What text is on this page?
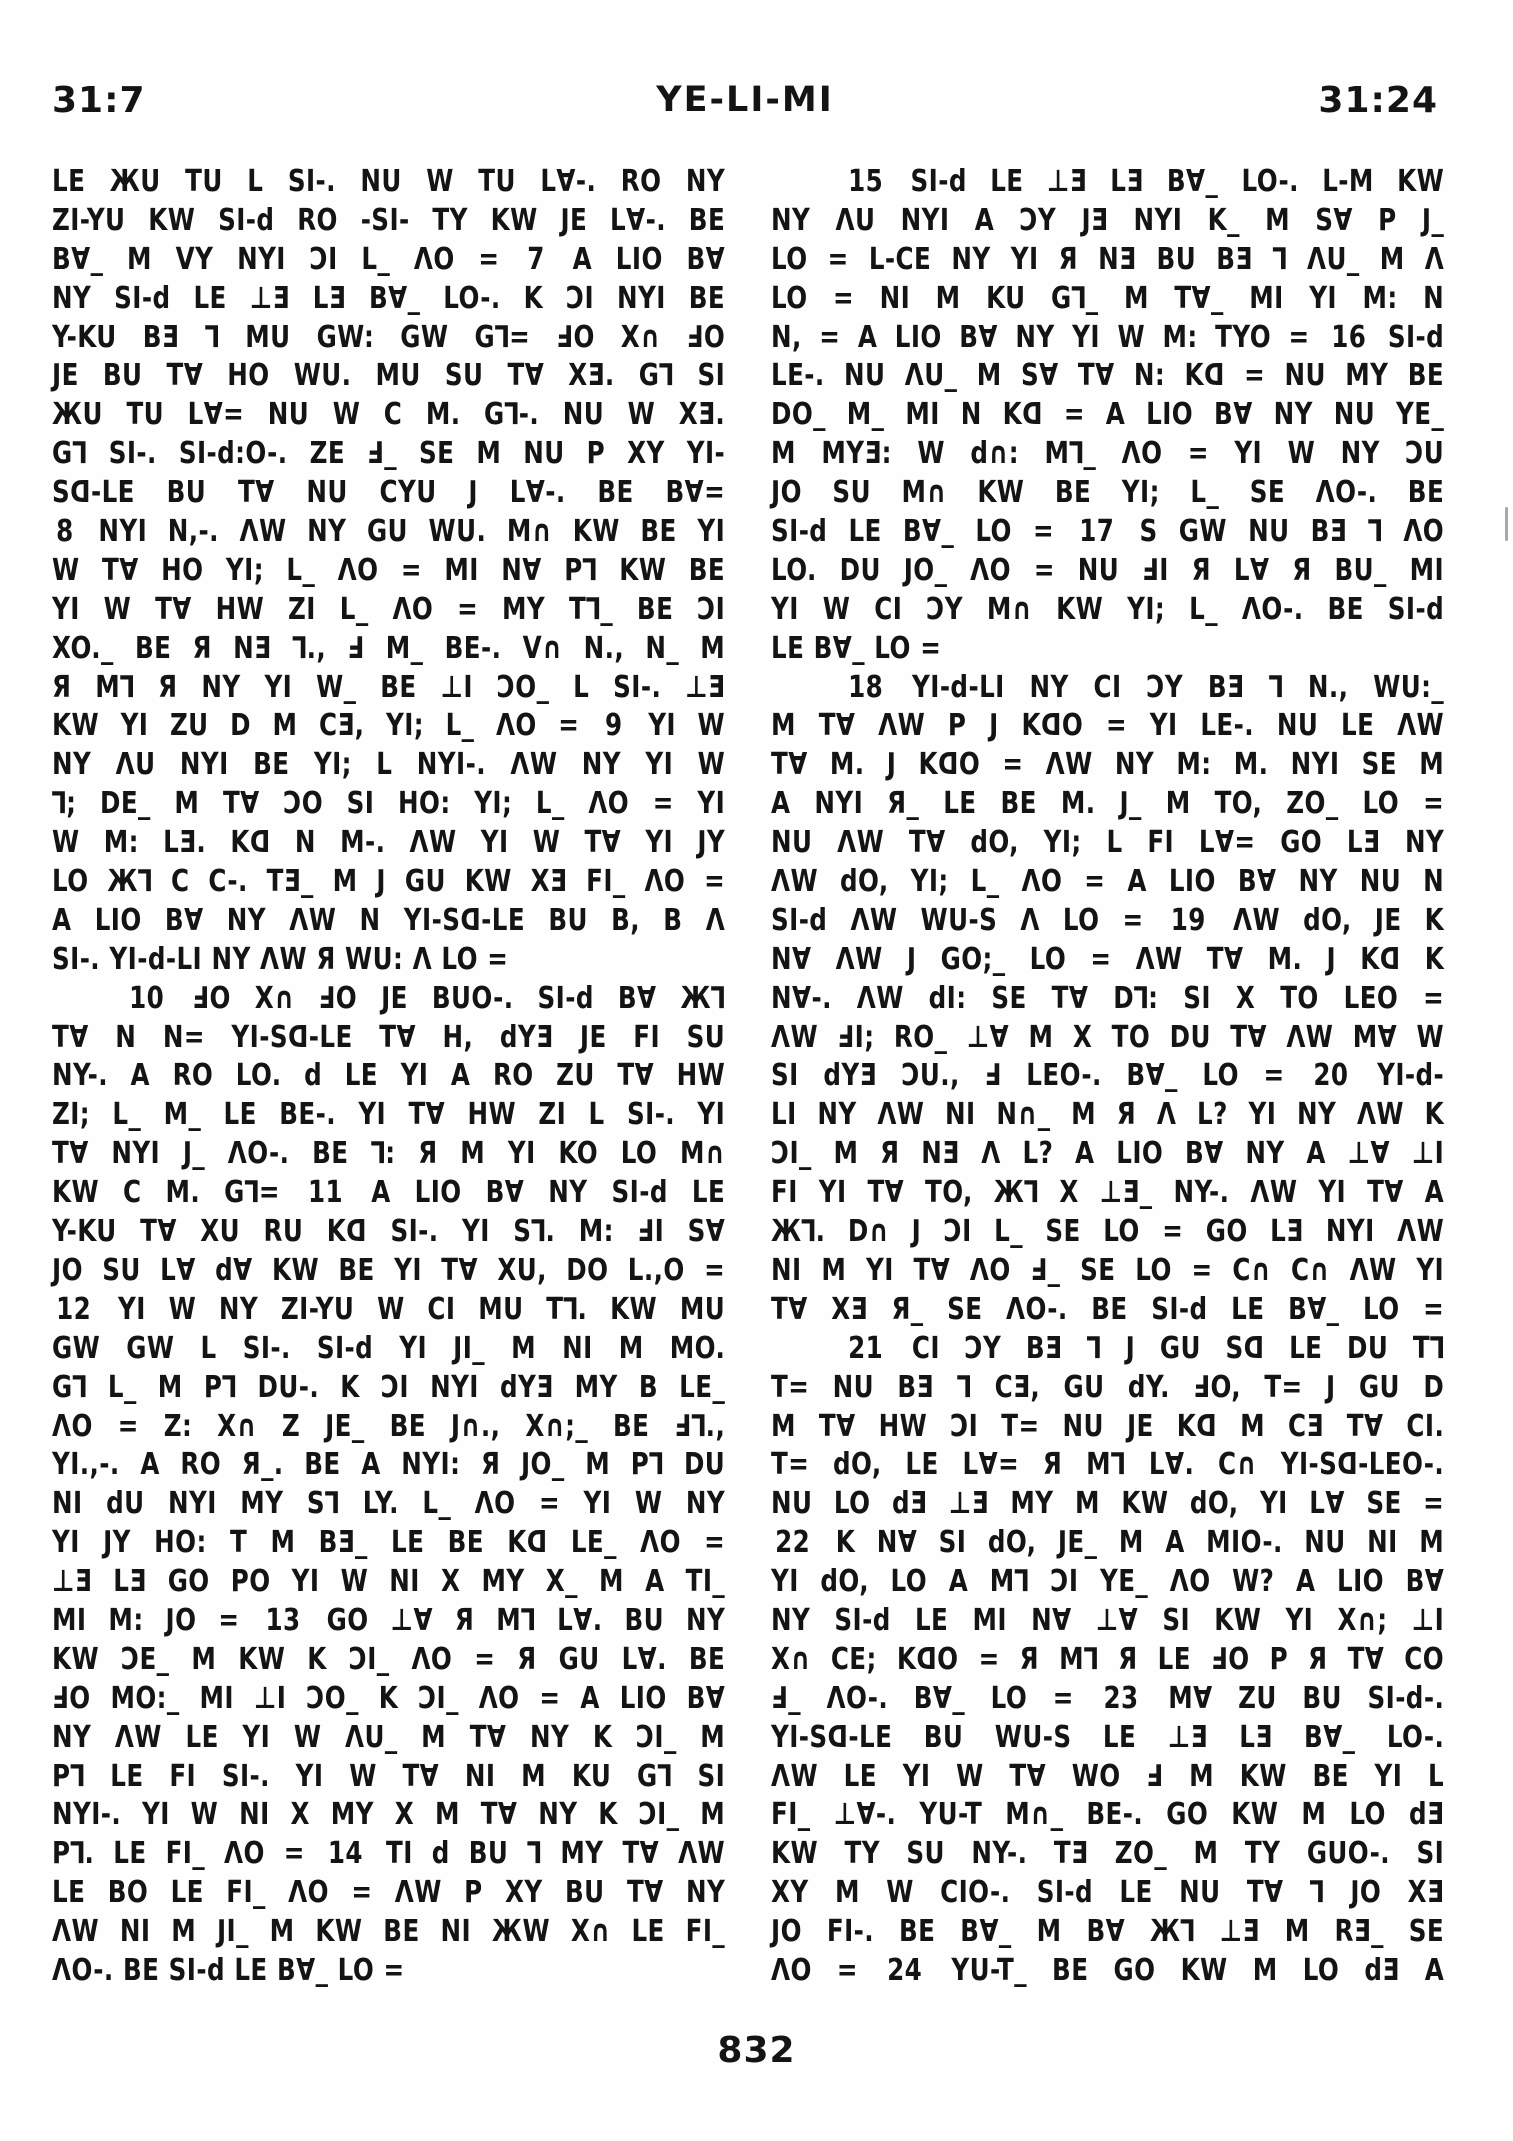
31:7	YE-LI-MI	31:24
LE ЖU TU L SI-. NU W TU L∀-. RO NY
ZI-YU KW SI-d RO -SI- TY KW JE L∀-. BE
B∀_ M VY NYI ƆI L_ ΛO = 7 A LIO B∀
NY SI-d LE ⊥Ǝ LƎ B∀_ LO-. K ƆI NYI BE
Y-KU BƎ ⅂ MU GW: GW G⅂= ℲO X∩ ℲO
JE BU T∀ HO WU. MU SU T∀ XƎ. G⅂ SI
ЖU TU L∀= NU W C M. G⅂-. NU W XƎ.
G⅂ SI-. SI-d:O-. ZE Ⅎ_ SE M NU P XY YI-
Sᗡ-LE BU T∀ NU CYU J L∀-. BE B∀=
8 NYI N,-. ΛW NY GU WU. M∩ KW BE YI
W T∀ HO YI; L_ ΛO = MI N∀ P⅂ KW BE
YI W T∀ HW ZI L_ ΛO = MY T⅂_ BE ƆI
XO._ BE Я NƎ ⅂., Ⅎ M_ BE-. V∩ N., N_ M
Я M⅂ Я NY YI W_ BE ⊥I ƆO_ L SI-. ⊥Ǝ
KW YI ZU D M CƎ, YI; L_ ΛO = 9 YI W
NY ΛU NYI BE YI; L NYI-. ΛW NY YI W
⅂; DE_ M T∀ ƆO SI HO: YI; L_ ΛO = YI
W M: LƎ. Kᗡ N M-. ΛW YI W T∀ YI JY
LO Ж⅂ C C-. TƎ_ M J GU KW XƎ FI_ ΛO =
A LIO B∀ NY ΛW N YI-Sᗡ-LE BU B, B Λ
SI-. YI-d-LI NY ΛW Я WU: Λ LO =
10 ℲO X∩ ℲO JE BUO-. SI-d B∀ Ж⅂
T∀ N N= YI-Sᗡ-LE T∀ H, dYƎ JE FI SU
NY-. A RO LO. d LE YI A RO ZU T∀ HW
ZI; L_ M_ LE BE-. YI T∀ HW ZI L SI-. YI
T∀ NYI J_ ΛO-. BE ⅂: Я M YI KO LO M∩
KW C M. G⅂= 11 A LIO B∀ NY SI-d LE
Y-KU T∀ XU RU Kᗡ SI-. YI S⅂. M: ℲI S∀
JO SU L∀ d∀ KW BE YI T∀ XU, DO L.,O =
12 YI W NY ZI-YU W CI MU T⅂. KW MU
GW GW L SI-. SI-d YI JI_ M NI M MO.
G⅂ L_ M P⅂ DU-. K ƆI NYI dYƎ MY B LE_
ΛO = Z: X∩ Z JE_ BE J∩., X∩;_ BE Ⅎ⅂.,
YI.,-. A RO Я_. BE A NYI: Я JO_ M P⅂ DU
NI dU NYI MY S⅂ LY. L_ ΛO = YI W NY
YI JY HO: T M BƎ_ LE BE Kᗡ LE_ ΛO =
⊥Ǝ LƎ GO PO YI W NI X MY X_ M A TI_
MI M: JO = 13 GO ⊥∀ Я M⅂ L∀. BU NY
KW ƆE_ M KW K ƆI_ ΛO = Я GU L∀. BE
ℲO MO:_ MI ⊥I ƆO_ K ƆI_ ΛO = A LIO B∀
NY ΛW LE YI W ΛU_ M T∀ NY K ƆI_ M
P⅂ LE FI SI-. YI W T∀ NI M KU G⅂ SI
NYI-. YI W NI X MY X M T∀ NY K ƆI_ M
P⅂. LE FI_ ΛO = 14 TI d BU ⅂ MY T∀ ΛW
LE BO LE FI_ ΛO = ΛW P XY BU T∀ NY
ΛW NI M JI_ M KW BE NI ЖW X∩ LE FI_
ΛO-. BE SI-d LE B∀_ LO =
15 SI-d LE ⊥Ǝ LƎ B∀_ LO-. L-M KW
NY ΛU NYI A ƆY JƎ NYI K_ M S∀ P J_
LO = L-CE NY YI Я NƎ BU BƎ ⅂ ΛU_ M Λ
LO = NI M KU G⅂_ M T∀_ MI YI M: N
N, = A LIO B∀ NY YI W M: TYO = 16 SI-d
LE-. NU ΛU_ M S∀ T∀ N: Kᗡ = NU MY BE
DO_ M_ MI N Kᗡ = A LIO B∀ NY NU YE_
M MYƎ: W d∩: M⅂_ ΛO = YI W NY ƆU
JO SU M∩ KW BE YI; L_ SE ΛO-. BE
SI-d LE B∀_ LO = 17 S GW NU BƎ ⅂ ΛO
LO. DU JO_ ΛO = NU ℲI Я L∀ Я BU_ MI
YI W CI ƆY M∩ KW YI; L_ ΛO-. BE SI-d
LE B∀_ LO =
18 YI-d-LI NY CI ƆY BƎ ⅂ N., WU:_
M T∀ ΛW P J KᗡO = YI LE-. NU LE ΛW
T∀ M. J KᗡO = ΛW NY M: M. NYI SE M
A NYI Я_ LE BE M. J_ M TO, ZO_ LO =
NU ΛW T∀ dO, YI; L FI L∀= GO LƎ NY
ΛW dO, YI; L_ ΛO = A LIO B∀ NY NU N
SI-d ΛW WU-S Λ LO = 19 ΛW dO, JE K
N∀ ΛW J GO;_ LO = ΛW T∀ M. J Kᗡ K
N∀-. ΛW dI: SE T∀ D⅂: SI X TO LEO =
ΛW ℲI; RO_ ⊥∀ M X TO DU T∀ ΛW M∀ W
SI dYƎ ƆU., Ⅎ LEO-. B∀_ LO = 20 YI-d-
LI NY ΛW NI N∩_ M Я Λ L? YI NY ΛW K
ƆI_ M Я NƎ Λ L? A LIO B∀ NY A ⊥∀ ⊥I
FI YI T∀ TO, Ж⅂ X ⊥Ǝ_ NY-. ΛW YI T∀ A
Ж⅂. D∩ J ƆI L_ SE LO = GO LƎ NYI ΛW
NI M YI T∀ ΛO Ⅎ_ SE LO = C∩ C∩ ΛW YI
T∀ XƎ Я_ SE ΛO-. BE SI-d LE B∀_ LO =
21 CI ƆY BƎ ⅂ J GU Sᗡ LE DU T⅂
T= NU BƎ ⅂ CƎ, GU dY. ℲO, T= J GU D
M T∀ HW ƆI T= NU JE Kᗡ M CƎ T∀ CI.
T= dO, LE L∀= Я M⅂ L∀. C∩ YI-Sᗡ-LEO-.
NU LO dƎ ⊥Ǝ MY M KW dO, YI L∀ SE =
22 K N∀ SI dO, JE_ M A MIO-. NU NI M
YI dO, LO A M⅂ ƆI YE_ ΛO W? A LIO B∀
NY SI-d LE MI N∀ ⊥∀ SI KW YI X∩; ⊥I
X∩ CE; KᗡO = Я M⅂ Я LE ℲO P Я T∀ CO
Ⅎ_ ΛO-. B∀_ LO = 23 M∀ ZU BU SI-d-.
YI-Sᗡ-LE BU WU-S LE ⊥Ǝ LƎ B∀_ LO-.
ΛW LE YI W T∀ WO Ⅎ M KW BE YI L
FI_ ⊥∀-. YU-T M∩_ BE-. GO KW M LO dƎ
KW TY SU NY-. TƎ ZO_ M TY GUO-. SI
XY M W CIO-. SI-d LE NU T∀ ⅂ JO XƎ
JO FI-. BE B∀_ M B∀ Ж⅂ ⊥Ǝ M RƎ_ SE
ΛO = 24 YU-T_ BE GO KW M LO dƎ A
832
